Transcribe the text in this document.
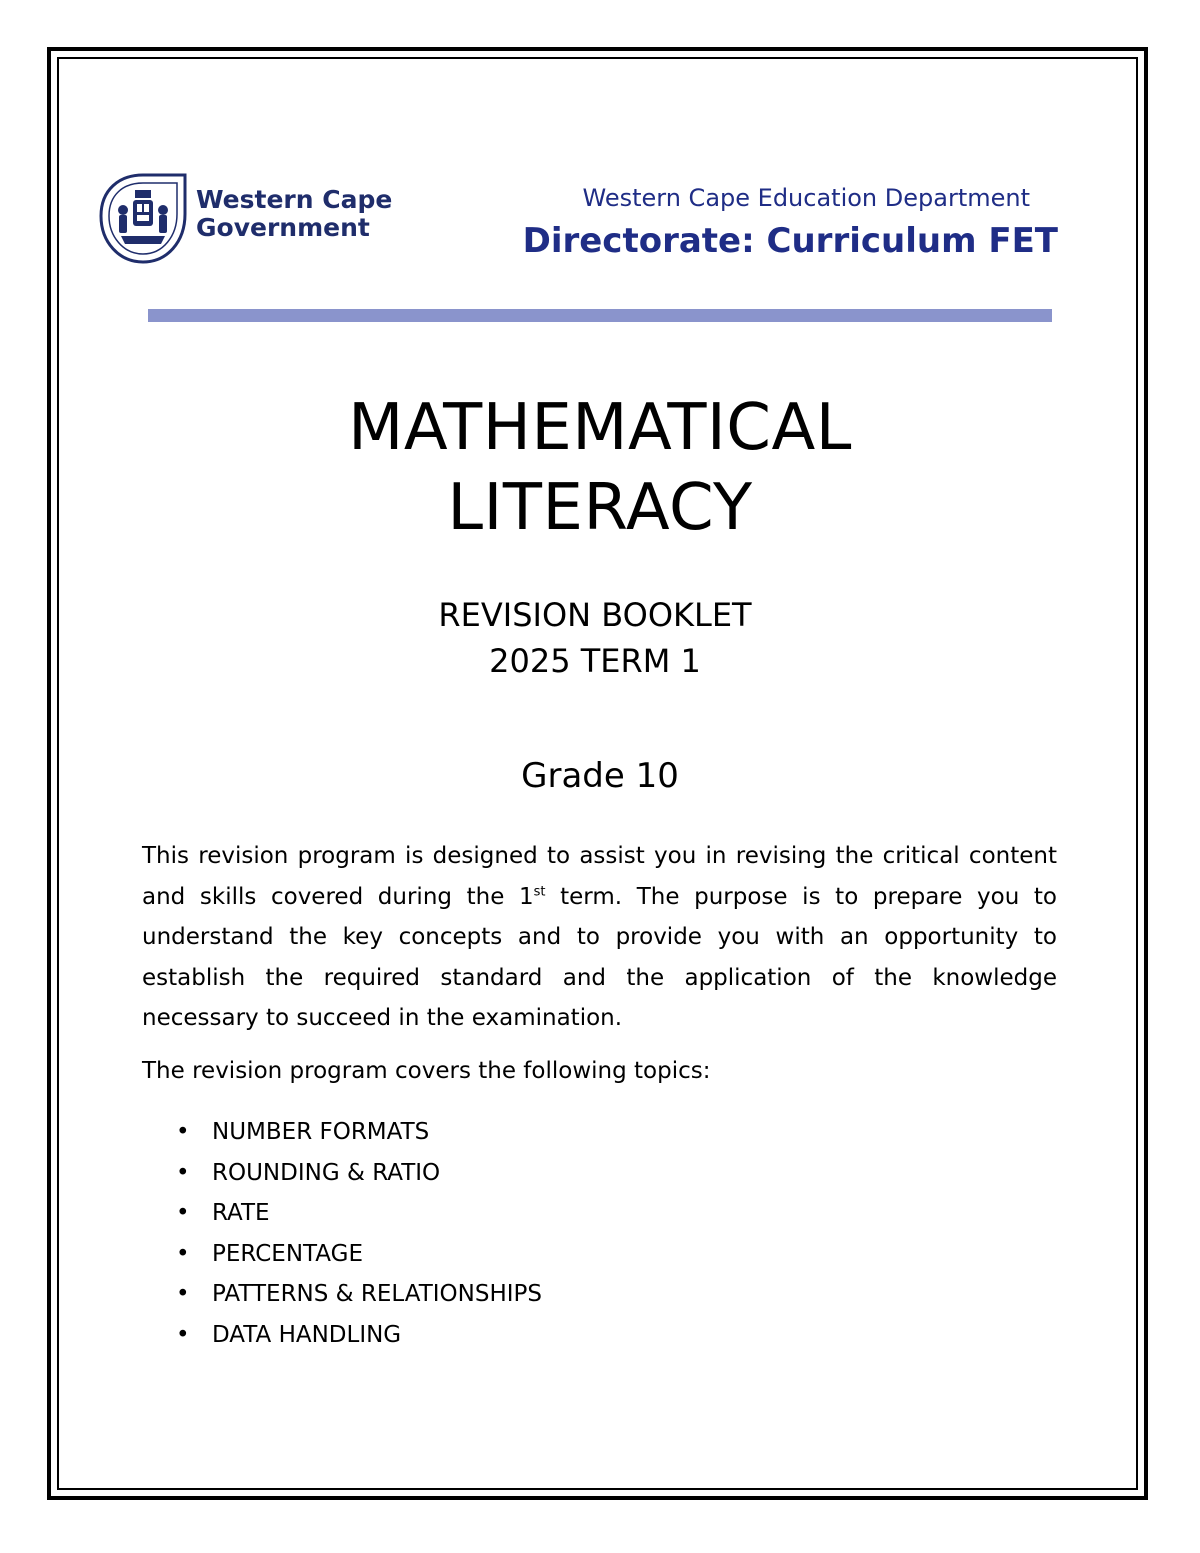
Western Cape
Government
Western Cape Education Department
Directorate: Curriculum FET
MATHEMATICAL
LITERACY
REVISION BOOKLET
2025 TERM 1
Grade 10

This revision program is designed to assist you in revising the critical content and skills covered during the 1st term. The purpose is to prepare you to understand the key concepts and to provide you with an opportunity to establish the required standard and the application of the knowledge necessary to succeed in the examination.

The revision program covers the following topics:

• NUMBER FORMATS
• ROUNDING & RATIO
• RATE
• PERCENTAGE
• PATTERNS & RELATIONSHIPS
• DATA HANDLING
